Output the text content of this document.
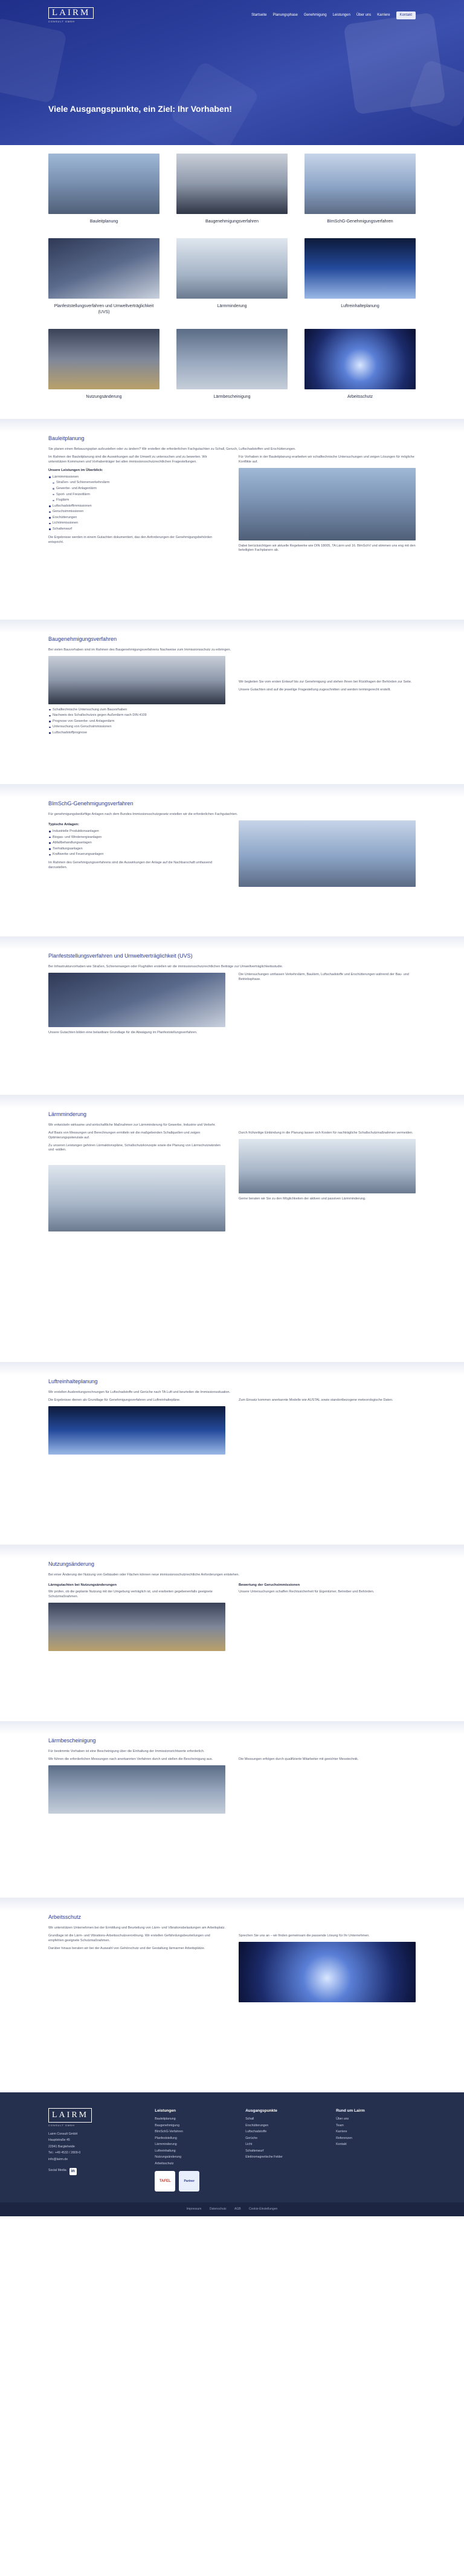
LAIRM
CONSULT GMBH
Startseite Planungsphase Genehmigung Leistungen Über uns Karriere	Kontakt
Viele Ausgangspunkte, ein Ziel: Ihr Vorhaben!
Bauleitplanung	Baugenehmigungsverfahren	BImSchG-Genehmigungsverfahren
Planfeststellungsverfahren und Umweltverträglichkeit (UVS)
Lärmminderung	Luftreinhalteplanung
Nutzungsänderung	Lärmbescheinigung	Arbeitsschutz
Bauleitplanung

Sie planen einen Bebauungsplan aufzustellen oder zu ändern? Wir erstellen die erforderlichen Fachgutachten zu Schall, Geruch, Luftschadstoffen und Erschütterungen.

Im Rahmen der Bauleitplanung sind die Auswirkungen auf die Umwelt zu untersuchen und zu bewerten. Wir unterstützen Kommunen und Vorhabenträger bei allen immissionsschutzrechtlichen Fragestellungen.

Unsere Leistungen im Überblick:
Lärmimmissionen
Straßen- und Schienenverkehrslärm
Gewerbe- und Anlagenlärm
Sport- und Freizeitlärm
Fluglärm
Luftschadstoffimmissionen
Geruchsimmissionen
Erschütterungen
Lichtimmissionen
Schattenwurf

Die Ergebnisse werden in einem Gutachten dokumentiert, das den Anforderungen der Genehmigungsbehörden entspricht.

Für Vorhaben in der Bauleitplanung erarbeiten wir schalltechnische Untersuchungen und zeigen Lösungen für mögliche Konflikte auf.

Dabei berücksichtigen wir aktuelle Regelwerke wie DIN 18005, TA Lärm und 16. BImSchV und stimmen uns eng mit den beteiligten Fachplanern ab.

Baugenehmigungsverfahren

Bei vielen Bauvorhaben sind im Rahmen des Baugenehmigungsverfahrens Nachweise zum Immissionsschutz zu erbringen.

Schalltechnische Untersuchung zum Bauvorhaben
Nachweis des Schallschutzes gegen Außenlärm nach DIN 4109
Prognose von Gewerbe- und Anlagenlärm
Untersuchung von Geruchsimmissionen
Luftschadstoffprognose

Wir begleiten Sie vom ersten Entwurf bis zur Genehmigung und stehen Ihnen bei Rückfragen der Behörden zur Seite.

Unsere Gutachten sind auf die jeweilige Fragestellung zugeschnitten und werden termingerecht erstellt.

BImSchG-Genehmigungsverfahren

Für genehmigungsbedürftige Anlagen nach dem Bundes-Immissionsschutzgesetz erstellen wir die erforderlichen Fachgutachten.

Typische Anlagen:
Industrielle Produktionsanlagen
Biogas- und Windenergieanlagen
Abfallbehandlungsanlagen
Tierhaltungsanlagen
Kraftwerke und Feuerungsanlagen

Im Rahmen des Genehmigungsverfahrens sind die Auswirkungen der Anlage auf die Nachbarschaft umfassend darzustellen.

Planfeststellungsverfahren und Umweltverträglichkeit (UVS)

Bei Infrastrukturvorhaben wie Straßen, Schienenwegen oder Flughäfen erstellen wir die immissionsschutzrechtlichen Beiträge zur Umweltverträglichkeitsstudie.

Unsere Gutachten bilden eine belastbare Grundlage für die Abwägung im Planfeststellungsverfahren.

Die Untersuchungen umfassen Verkehrslärm, Baulärm, Luftschadstoffe und Erschütterungen während der Bau- und Betriebsphase.

Lärmminderung

Wir entwickeln wirksame und wirtschaftliche Maßnahmen zur Lärmminderung für Gewerbe, Industrie und Verkehr.

Auf Basis von Messungen und Berechnungen ermitteln wir die maßgebenden Schallquellen und zeigen Optimierungspotenziale auf.

Zu unseren Leistungen gehören Lärmaktionspläne, Schallschutzkonzepte sowie die Planung von Lärmschutzwänden und -wällen.

Durch frühzeitige Einbindung in die Planung lassen sich Kosten für nachträgliche Schallschutzmaßnahmen vermeiden.

Gerne beraten wir Sie zu den Möglichkeiten der aktiven und passiven Lärmminderung.

Luftreinhalteplanung

Wir erstellen Ausbreitungsrechnungen für Luftschadstoffe und Gerüche nach TA Luft und beurteilen die Immissionssituation.

Die Ergebnisse dienen als Grundlage für Genehmigungsverfahren und Luftreinhaltepläne.	Zum Einsatz kommen anerkannte Modelle wie AUSTAL sowie standortbezogene meteorologische Daten.

Nutzungsänderung

Bei einer Änderung der Nutzung von Gebäuden oder Flächen können neue immissionsschutzrechtliche Anforderungen entstehen.

Lärmgutachten bei Nutzungsänderungen

Wir prüfen, ob die geplante Nutzung mit der Umgebung verträglich ist, und erarbeiten gegebenenfalls geeignete Schutzmaßnahmen.

Bewertung der Geruchsimmissionen

Unsere Untersuchungen schaffen Rechtssicherheit für Eigentümer, Betreiber und Behörden.

Lärmbescheinigung

Für bestimmte Vorhaben ist eine Bescheinigung über die Einhaltung der Immissionsrichtwerte erforderlich.

Wir führen die erforderlichen Messungen nach anerkannten Verfahren durch und stellen die Bescheinigung aus.	Die Messungen erfolgen durch qualifizierte Mitarbeiter mit geeichter Messtechnik.

Arbeitsschutz

Wir unterstützen Unternehmen bei der Ermittlung und Beurteilung von Lärm- und Vibrationsbelastungen am Arbeitsplatz.

Grundlage ist die Lärm- und Vibrations-Arbeitsschutzverordnung. Wir erstellen Gefährdungsbeurteilungen und empfehlen geeignete Schutzmaßnahmen.

Darüber hinaus beraten wir bei der Auswahl von Gehörschutz und der Gestaltung lärmarmer Arbeitsplätze.

Sprechen Sie uns an – wir finden gemeinsam die passende Lösung für Ihr Unternehmen.

LAIRM
CONSULT GMBH
Lairm Consult GmbH
Hauptstraße 45
22941 Bargteheide
Tel.: +49 4532 / 2809-0
info@lairm.de
Social Media	in
Leistungen
Bauleitplanung
Baugenehmigung
BImSchG-Verfahren
Planfeststellung
Lärmminderung
Luftreinhaltung
Nutzungsänderung
Arbeitsschutz
TAFEL	Partner
Ausgangspunkte
Schall
Erschütterungen
Luftschadstoffe
Gerüche
Licht
Schattenwurf
Elektromagnetische Felder
Rund um Lairm
Über uns
Team
Karriere
Referenzen
Kontakt
Impressum	Datenschutz	AGB	Cookie-Einstellungen
